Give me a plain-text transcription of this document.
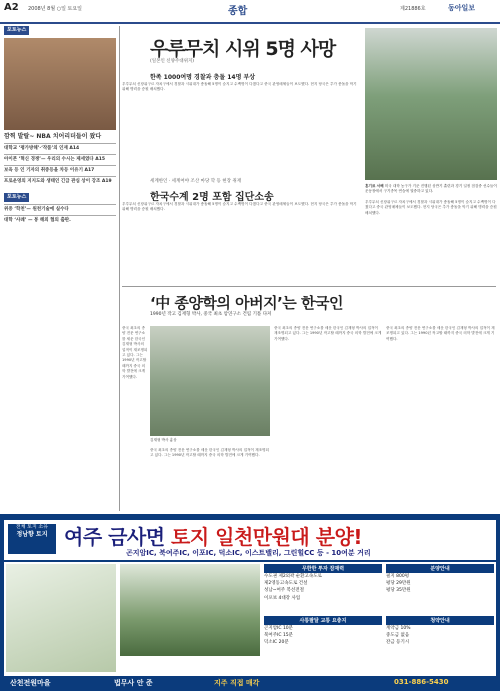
A2 2008년 8월 ○일 토요일	종합	제21886호	동아일보
포토뉴스
깜찍 발랄~ NBA 치어리더들이 왔다
대학교 ‘평가방해’·‘작품’의 인재 A14
아이폰 ‘혁신 경쟁’— 우리의 수시는 제세였다 A15
보육 등 인 기자의 취중등을 차등 이유기 A17
프로운영의 지지도와 생태인 긴급 관심 상이 강조 A19
포토뉴스
위중 ‘학천’— 원천기술에 실수다
대학 ‘사례’ — 봉 해외 협의 출판.
우루무치 시위 5명 사망
(일본인 신양주대위지)
한족 1000여명 경찰과 충돌 14명 부상
우루무치 신장위구르 자치구에서 경찰과 시위대가 충돌해 5명이 숨지고 수백명이 다쳤다고 중국 관영매체들이 보도했다. 현지 당국은 추가 충돌을 막기 위해 병력을 증원 배치했다.
세계한인 · 세계여야 조산 마당 학 등 현장 취재
한국수계 2명 포함 집단소송
우루무치 신장위구르 자치구에서 경찰과 시위대가 충돌해 5명이 숨지고 수백명이 다쳤다고 중국 관영매체들이 보도했다. 현지 당국은 추가 충돌을 막기 위해 병력을 증원 배치했다.
훈기르 서해 미국 대학 농구가 기준 진행된 상반기 훈련과 경기 일정 점검중 선수들이 운동장에서 구기종목 연습에 열중하고 있다.
우루무치 신장위구르 자치구에서 경찰과 시위대가 충돌해 5명이 숨지고 수백명이 다쳤다고 중국 관영매체들이 보도했다. 현지 당국은 추가 충돌을 막기 위해 병력을 증원 배치했다.
‘中 종양학의 아버지’는 한국인
1990년 작고 김재형 박사, 중국 최초 암연구소 건립 기틀 다져
중국 최초의 종양 전문 연구소를 세운 한국인 김재형 박사의 업적이 재조명되고 있다. 그는 1990년 작고할 때까지 중국 의학 발전에 크게 기여했다.
김재형 박사 흉상
중국 최초의 종양 전문 연구소를 세운 한국인 김재형 박사의 업적이 재조명되고 있다. 그는 1990년 작고할 때까지 중국 의학 발전에 크게 기여했다.
중국 최초의 종양 전문 연구소를 세운 한국인 김재형 박사의 업적이 재조명되고 있다. 그는 1990년 작고할 때까지 중국 의학 발전에 크게 기여했다.
중국 최초의 종양 전문 연구소를 세운 한국인 김재형 박사의 업적이 재조명되고 있다. 그는 1990년 작고할 때까지 중국 의학 발전에 크게 기여했다.
전체 토지 소유
정남향 토지 여주 금사면 토지 일천만원대 분양!
곤지암IC, 북여주IC, 이포IC, 덕소IC, 이스트밸리, 그린힐CC 등 - 10여분 거리
무한한 투자 잠재력
수도권 제2외곽 순환고속도로
제2영동고속도로 건설
성남~여주 복선전철
이포보 4대강 사업
분양안내
필지 800평
평당 29만원
평당 35만원
사통팔달 교통 요충지
곤지암IC 10분
북여주IC 15분
덕소IC 20분
청약안내
계약금 10%
중도금 없음
잔금 등기시
산천전원마을	법무사 안 준	지주 직접 매각	031-886-5430
